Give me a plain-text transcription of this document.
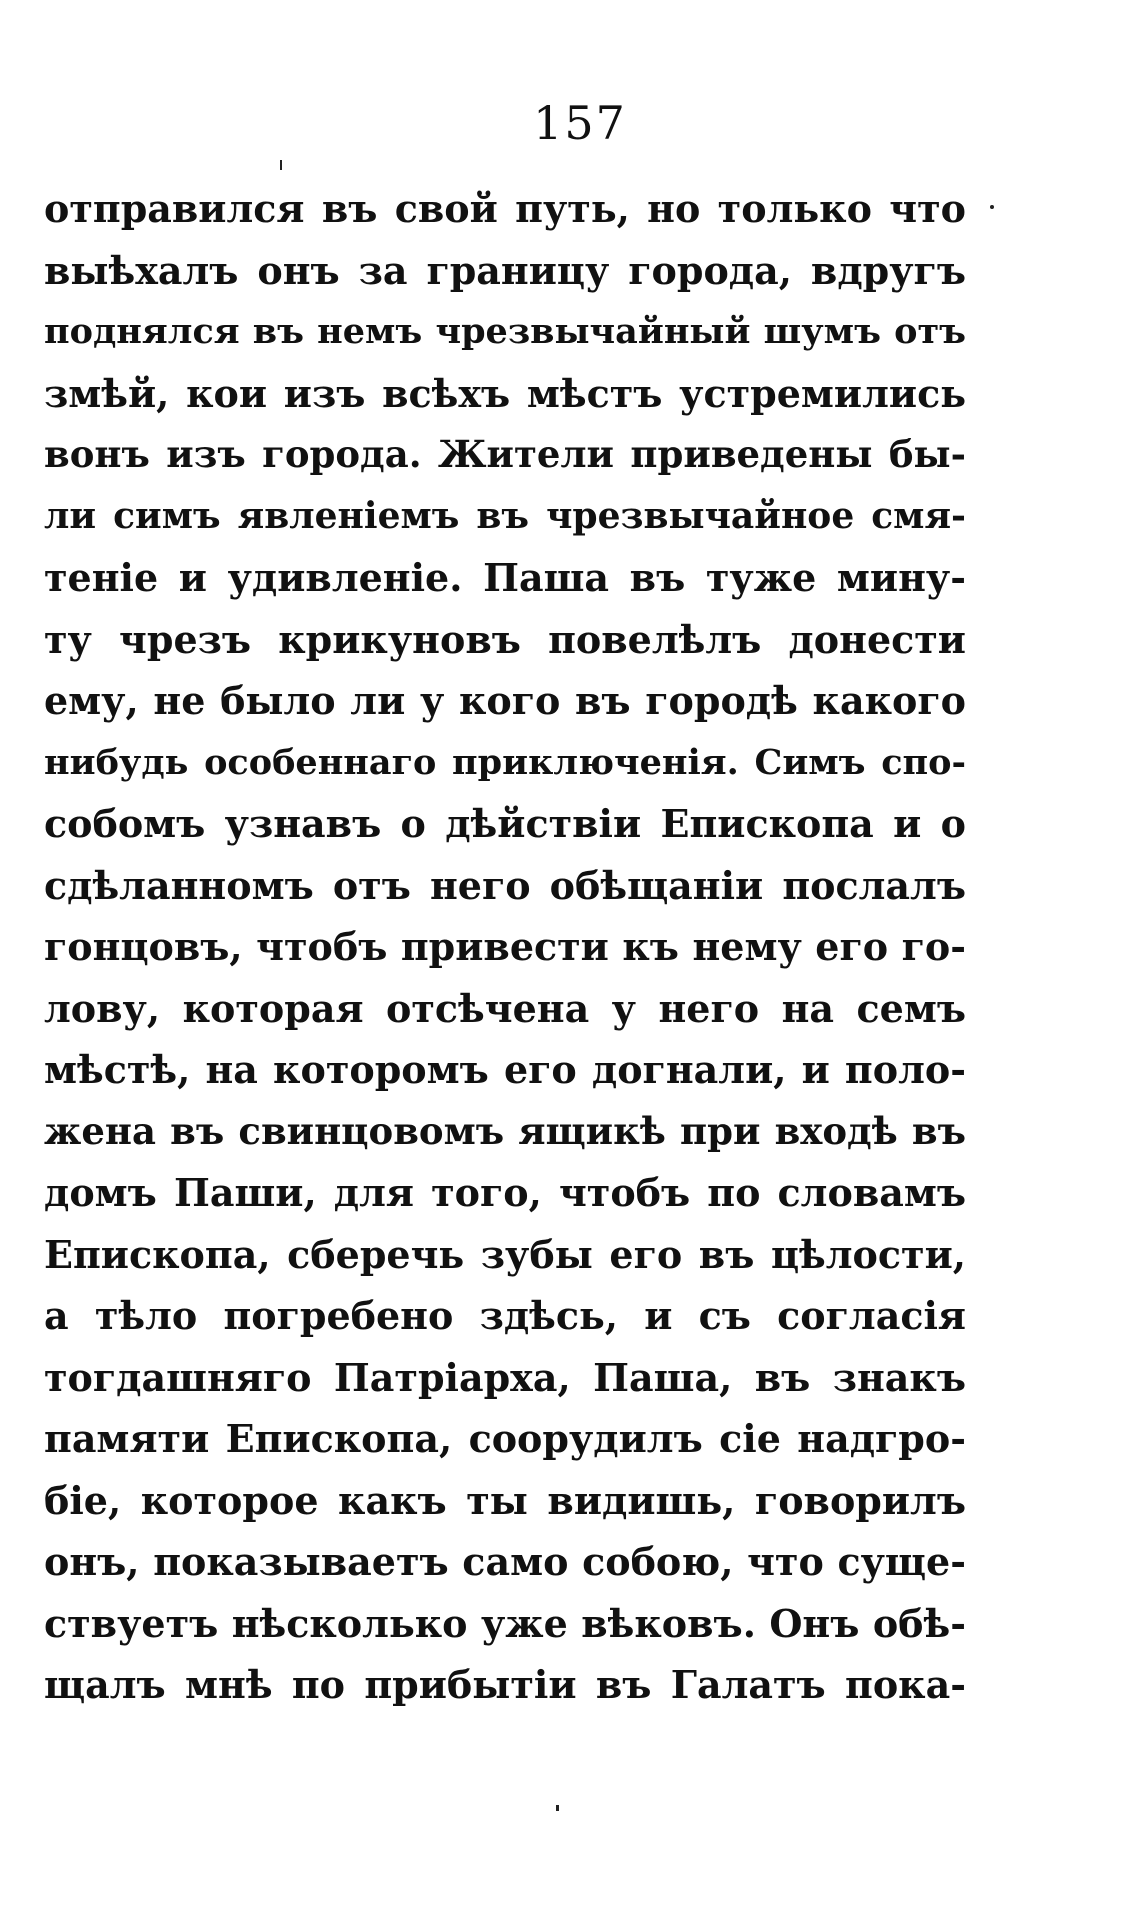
157
отправился въ свой путь, но только что
выѣхалъ онъ за границу города, вдругъ
поднялся въ немъ чрезвычайный шумъ отъ
змѣй, кои изъ всѣхъ мѣстъ устремились
вонъ изъ города. Жители приведены бы-
ли симъ явленіемъ въ чрезвычайное смя-
теніе и удивленіе. Паша въ туже мину-
ту чрезъ крикуновъ повелѣлъ донести
ему, не было ли у кого въ городѣ какого
нибудь особеннаго приключенія. Симъ спо-
собомъ узнавъ о дѣйствіи Епископа и о
сдѣланномъ отъ него обѣщаніи послалъ
гонцовъ, чтобъ привести къ нему его го-
лову, которая отсѣчена у него на семъ
мѣстѣ, на которомъ его догнали, и поло-
жена въ свинцовомъ ящикѣ при входѣ въ
домъ Паши, для того, чтобъ по словамъ
Епископа, сберечь зубы его въ цѣлости,
а тѣло погребено здѣсь, и съ согласія
тогдашняго Патріарха, Паша, въ знакъ
памяти Епископа, соорудилъ сіе надгро-
біе, которое какъ ты видишь, говорилъ
онъ, показываетъ само собою, что суще-
ствуетъ нѣсколько уже вѣковъ. Онъ обѣ-
щалъ мнѣ по прибытіи въ Галатъ пока-
